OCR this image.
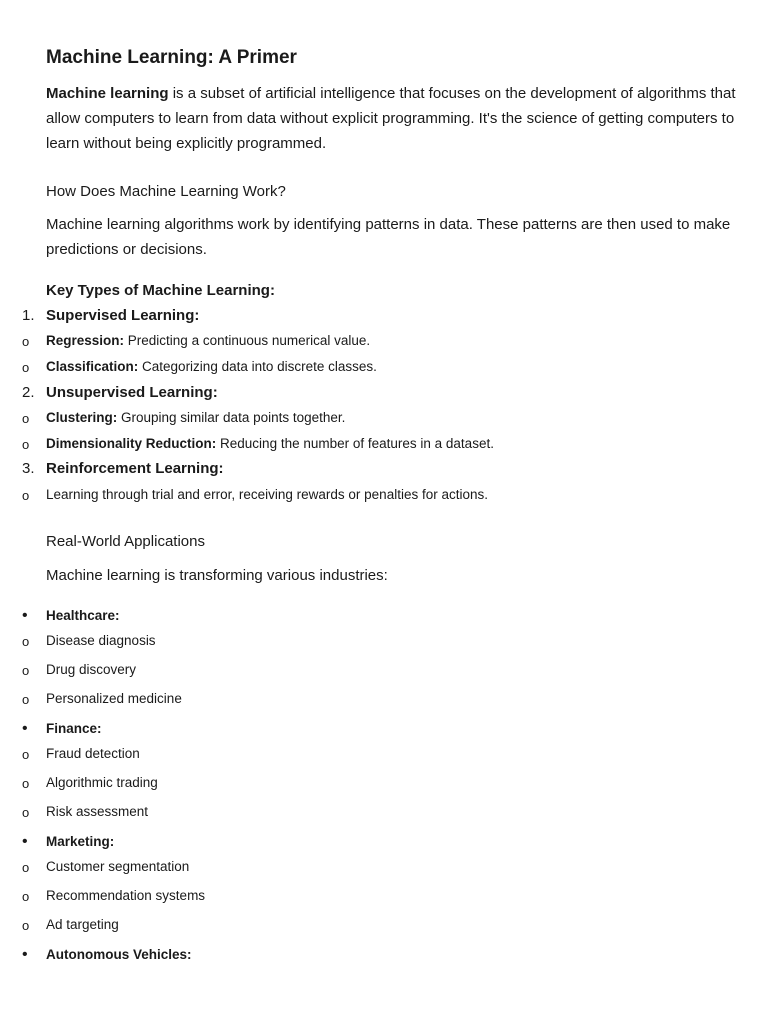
Machine Learning: A Primer
Machine learning is a subset of artificial intelligence that focuses on the development of algorithms that allow computers to learn from data without explicit programming. It's the science of getting computers to learn without being explicitly programmed.
How Does Machine Learning Work?
Machine learning algorithms work by identifying patterns in data. These patterns are then used to make predictions or decisions.
Key Types of Machine Learning:
1. Supervised Learning:
o Regression: Predicting a continuous numerical value.
o Classification: Categorizing data into discrete classes.
2. Unsupervised Learning:
o Clustering: Grouping similar data points together.
o Dimensionality Reduction: Reducing the number of features in a dataset.
3. Reinforcement Learning:
o Learning through trial and error, receiving rewards or penalties for actions.
Real-World Applications
Machine learning is transforming various industries:
• Healthcare:
o Disease diagnosis
o Drug discovery
o Personalized medicine
• Finance:
o Fraud detection
o Algorithmic trading
o Risk assessment
• Marketing:
o Customer segmentation
o Recommendation systems
o Ad targeting
• Autonomous Vehicles:
